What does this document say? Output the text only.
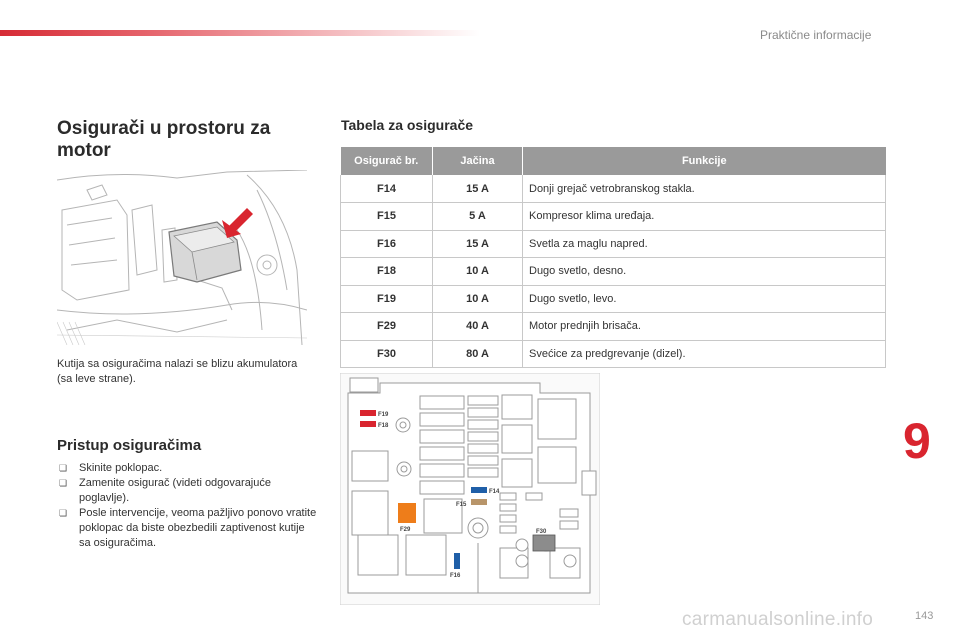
Praktične informacije
Osigurači u prostoru za motor
Kutija sa osiguračima nalazi se blizu akumulatora (sa leve strane).
Pristup osiguračima
❏ Skinite poklopac.
❏ Zamenite osigurač (videti odgovarajuće poglavlje).
❏ Posle intervencije, veoma pažljivo ponovo vratite poklopac da biste obezbedili zaptivenost kutije sa osiguračima.
Tabela za osigurače
Osigurač br.	Jačina	Funkcije
F14	15 A	Donji grejač vetrobranskog stakla.
F15	5 A	Kompresor klima uređaja.
F16	15 A	Svetla za maglu napred.
F18	10 A	Dugo svetlo, desno.
F19	10 A	Dugo svetlo, levo.
F29	40 A	Motor prednjih brisača.
F30	80 A	Svećice za predgrevanje (dizel).
F19
F18
F14
F15
F29	F30
F16
9
carmanualsonline.info	143
